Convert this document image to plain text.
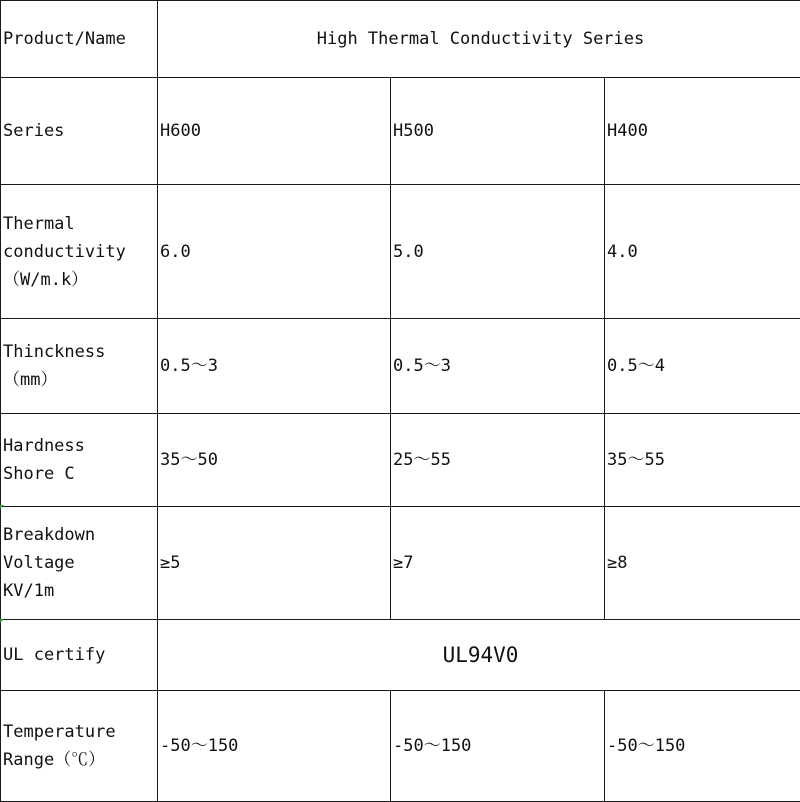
Product/Name	High Thermal Conductivity Series		
Series	H600	H500	H400

Thermal
conductivity
（W/m.k）	6.0	5.0	4.0

Thinckness
（mm）	0.5～3	0.5～3	0.5～4

Hardness
Shore C	35～50	25～55	35～55

Breakdown
Voltage
KV/1m	≥5	≥7	≥8
UL certify	UL94V0		

Temperature
Range（℃）	-50～150	-50～150	-50～150
